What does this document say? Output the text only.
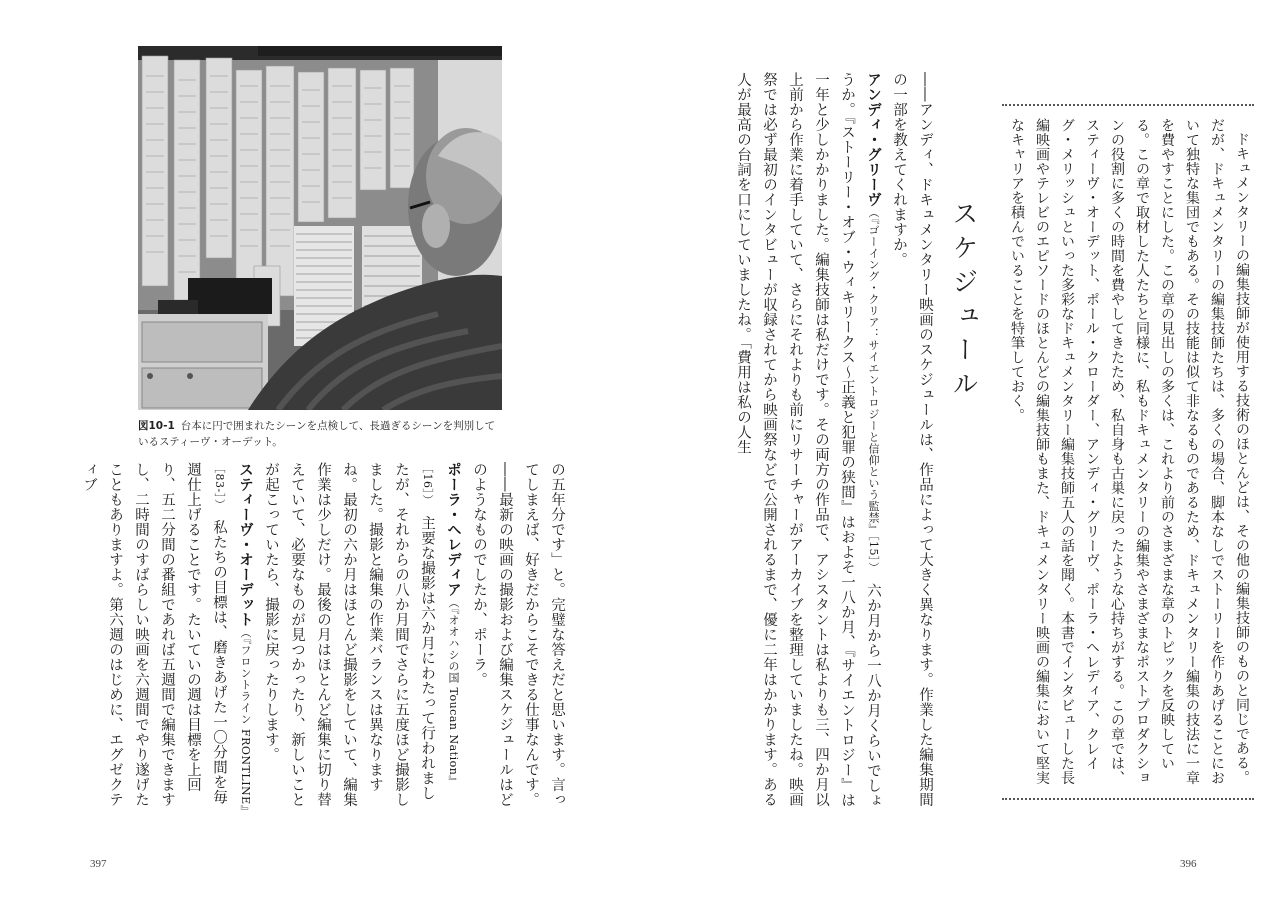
図10-1 台本に円で囲まれたシーンを点検して、長過ぎるシーンを判別しているスティーヴ・オーデット。

の五年分です」と。完璧な答えだと思います。言ってしまえば、好きだからこそできる仕事なんです。

――最新の映画の撮影および編集スケジュールはどのようなものでしたか、ポーラ。

ポーラ・ヘレディア（『オオハシの国 Toucan Nation』［16］）　主要な撮影は六か月にわたって行われましたが、それからの八か月間でさらに五度ほど撮影しました。撮影と編集の作業バランスは異なりますね。最初の六か月はほとんど撮影をしていて、編集作業は少しだけ。最後の月はほとんど編集に切り替えていて、必要なものが見つかったり、新しいことが起こっていたら、撮影に戻ったりします。

スティーヴ・オーデット（『フロントライン FRONTLINE』［83-］）　私たちの目標は、磨きあげた一〇分間を毎週仕上げることです。たいていの週は目標を上回り、五二分間の番組であれば五週間で編集できますし、二時間のすばらしい映画を六週間でやり遂げたこともありますよ。第六週のはじめに、エグゼクティブ

397

ドキュメンタリーの編集技師が使用する技術のほとんどは、その他の編集技師のものと同じである。だが、ドキュメンタリーの編集技師たちは、多くの場合、脚本なしでストーリーを作りあげることにおいて独特な集団でもある。その技能は似て非なるものであるため、ドキュメンタリー編集の技法に一章を費やすことにした。この章の見出しの多くは、これより前のさまざまな章のトピックを反映している。この章で取材した人たちと同様に、私もドキュメンタリーの編集やさまざまなポストプロダクションの役割に多くの時間を費やしてきたため、私自身も古巣に戻ったような心持ちがする。この章では、スティーヴ・オーデット、ポール・クローダー、アンディ・グリーヴ、ポーラ・ヘレディア、クレイグ・メリッシュといった多彩なドキュメンタリー編集技師五人の話を聞く。本書でインタビューした長編映画やテレビのエピソードのほとんどの編集技師もまた、ドキュメンタリー映画の編集において堅実なキャリアを積んでいることを特筆しておく。

スケジュール

――アンディ、ドキュメンタリー映画のスケジュールは、作品によって大きく異なります。作業した編集期間の一部を教えてくれますか。

アンディ・グリーヴ（『ゴーイング・クリア：サイエントロジーと信仰という監禁』［15］）　六か月から一八か月くらいでしょうか。『ストーリー・オブ・ウィキリークス～正義と犯罪の狭間』はおよそ一八か月、『サイエントロジー』は一年と少しかかりました。編集技師は私だけです。その両方の作品で、アシスタントは私よりも三、四か月以上前から作業に着手していて、さらにそれよりも前にリサーチャーがアーカイブを整理していましたね。映画祭では必ず最初のインタビューが収録されてから映画祭などで公開されるまで、優に二年はかかります。ある人が最高の台詞を口にしていましたね。「費用は私の人生

396
